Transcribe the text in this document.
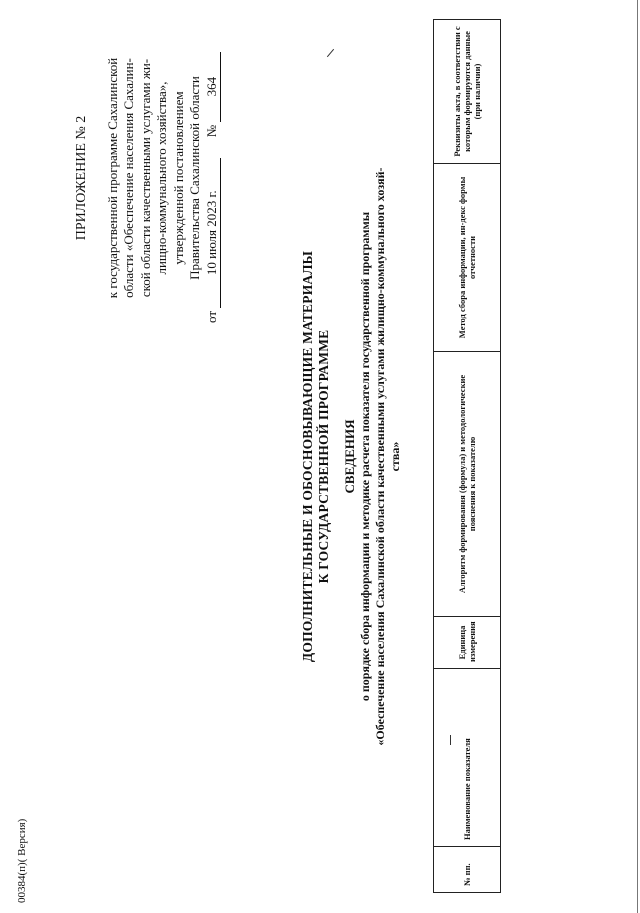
00384(п)( Версия)
ПРИЛОЖЕНИЕ № 2 к государственной программе Сахалинской области «Обеспечение населения Сахалин- ской области качественными услугами жи- лищно-коммунального хозяйства», утвержденной постановлением Правительства Сахалинской области
от 10 июля 2023 г.  № 364
ДОПОЛНИТЕЛЬНЫЕ И ОБОСНОВЫВАЮЩИЕ МАТЕРИАЛЫ К ГОСУДАРСТВЕННОЙ ПРОГРАММЕ СВЕДЕНИЯ о порядке сбора информации и методике расчета показателя государственной программы «Обеспечение населения Сахалинской области качественными услугами жилищно-коммунального хозяй- ства»
№ пп.	Наименование показателя	Единица измерения	Алгоритм формирования (формула) и методологические пояснения к показателю	Метод сбора информации, ин-декс формы отчетности	Реквизиты акта, в соответствии с которым формируются данные (при наличии)
